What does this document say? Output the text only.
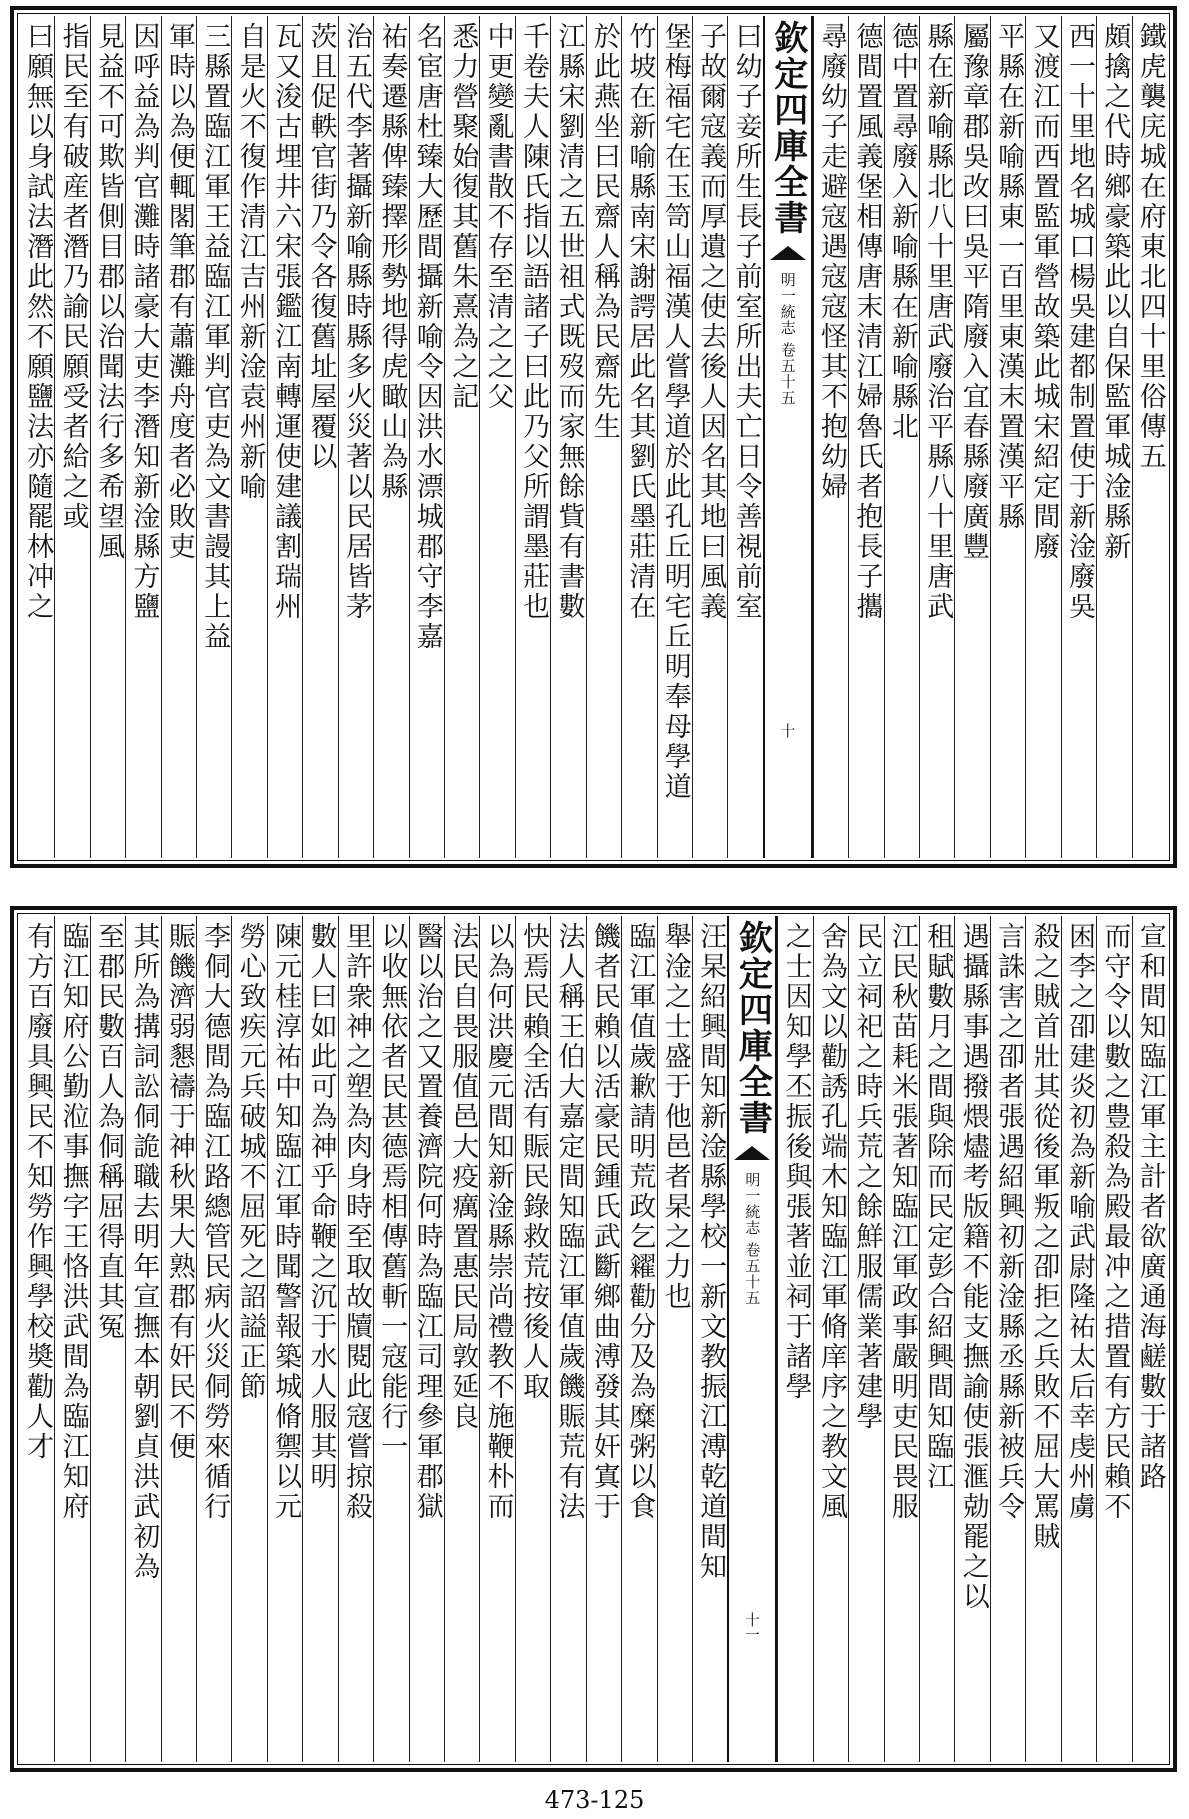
鐵虎襲庑城在府東北四十里俗傳五
頗擒之代時鄉豪築此以自保監軍城淦縣新
西一十里地名城口楊吳建都制置使于新淦廢吳
又渡江而西置監軍營故築此城宋紹定間廢
平縣在新喻縣東一百里東漢末置漢平縣
屬豫章郡吳改曰吳平隋廢入宜春縣廢廣豐
縣在新喻縣北八十里唐武廢治平縣八十里唐武
德中置尋廢入新喻縣在新喻縣北
德間置風義堡相傳唐末清江婦魯氏者抱長子攜
尋廢幼子走避寇遇寇寇怪其不抱幼婦
欽定四庫全書
明一統志
卷五十五
十
曰幼子妾所生長子前室所出夫亡日令善視前室
子故爾寇義而厚遺之使去後人因名其地曰風義
堡梅福宅在玉笥山福漢人嘗學道於此孔丘明宅丘明奉母學道
竹坡在新喻縣南宋謝諤居此名其劉氏墨莊清在
於此燕坐曰民齋人稱為民齋先生
江縣宋劉清之五世祖式既歿而家無餘貲有書數
千卷夫人陳氏指以語諸子曰此乃父所謂墨莊也
中更變亂書散不存至清之之父
悉力營聚始復其舊朱熹為之記
名宦唐杜臻大歷間攝新喻令因洪水漂城郡守李嘉
祐奏遷縣俾臻擇形勢地得虎瞰山為縣
治五代李著攝新喻縣時縣多火災著以民居皆茅
茨且促軼官街乃令各復舊址屋覆以
瓦又浚古埋井六宋張鑑江南轉運使建議割瑞州
自是火不復作清江吉州新淦袁州新喻
三縣置臨江軍王益臨江軍判官吏為文書謾其上益
軍時以為便輒閣筆郡有蕭灘舟度者必敗吏
因呼益為判官灘時諸豪大吏李潛知新淦縣方鹽
見益不可欺皆側目郡以治聞法行多希望風
指民至有破産者潛乃諭民願受者給之或
曰願無以身試法潛此然不願鹽法亦隨罷林冲之
宣和間知臨江軍主計者欲廣通海鹺數于諸路
而守令以數之豊殺為殿最冲之措置有方民賴不
困李之卲建炎初為新喻武尉隆祐太后幸虔州虜
殺之賊首壯其從後軍叛之卲拒之兵敗不屈大罵賊
言誅害之卲者張遇紹興初新淦縣丞縣新被兵令
遇攝縣事遇撥煨燼考版籍不能支撫諭使張滙勀罷之以
租賦數月之間與除而民定彭合紹興間知臨江
江民秋苗耗米張著知臨江軍政事嚴明吏民畏服
民立祠祀之時兵荒之餘鮮服儒業著建學
舍為文以勸誘孔端木知臨江軍脩庠序之教文風
之士因知學丕振後與張著並祠于諸學
欽定四庫全書
明一統志
卷五十五
十一
汪杲紹興間知新淦縣學校一新文教振江溥乾道間知
舉淦之士盛于他邑者杲之力也
臨江軍值歲歉請明荒政乞糴勸分及為糜粥以食
饑者民賴以活豪民鍾氏武斷鄉曲溥發其奸寘于
法人稱王伯大嘉定間知臨江軍值歲饑賑荒有法
快焉民賴全活有賑民錄救荒按後人取
以為何洪慶元間知新淦縣崇尚禮教不施鞭朴而
法民自畏服值邑大疫癘置惠民局敦延良
醫以治之又置養濟院何時為臨江司理參軍郡獄
以收無依者民甚德焉相傳舊斬一寇能行一
里許衆神之塑為肉身時至取故牘閱此寇嘗掠殺
數人曰如此可為神乎命鞭之沉于水人服其明
陳元桂淳祐中知臨江軍時聞警報築城脩禦以元
勞心致疾元兵破城不屈死之詔謚正節
李侗大德間為臨江路總管民病火災侗勞來循行
賑饑濟弱懇禱于神秋果大熟郡有奸民不便
其所為搆詞訟侗詭職去明年宣撫本朝劉貞洪武初為
至郡民數百人為侗稱屈得直其冤
臨江知府公勤涖事撫字王恪洪武間為臨江知府
有方百廢具興民不知勞作興學校奬勸人才
473-125
